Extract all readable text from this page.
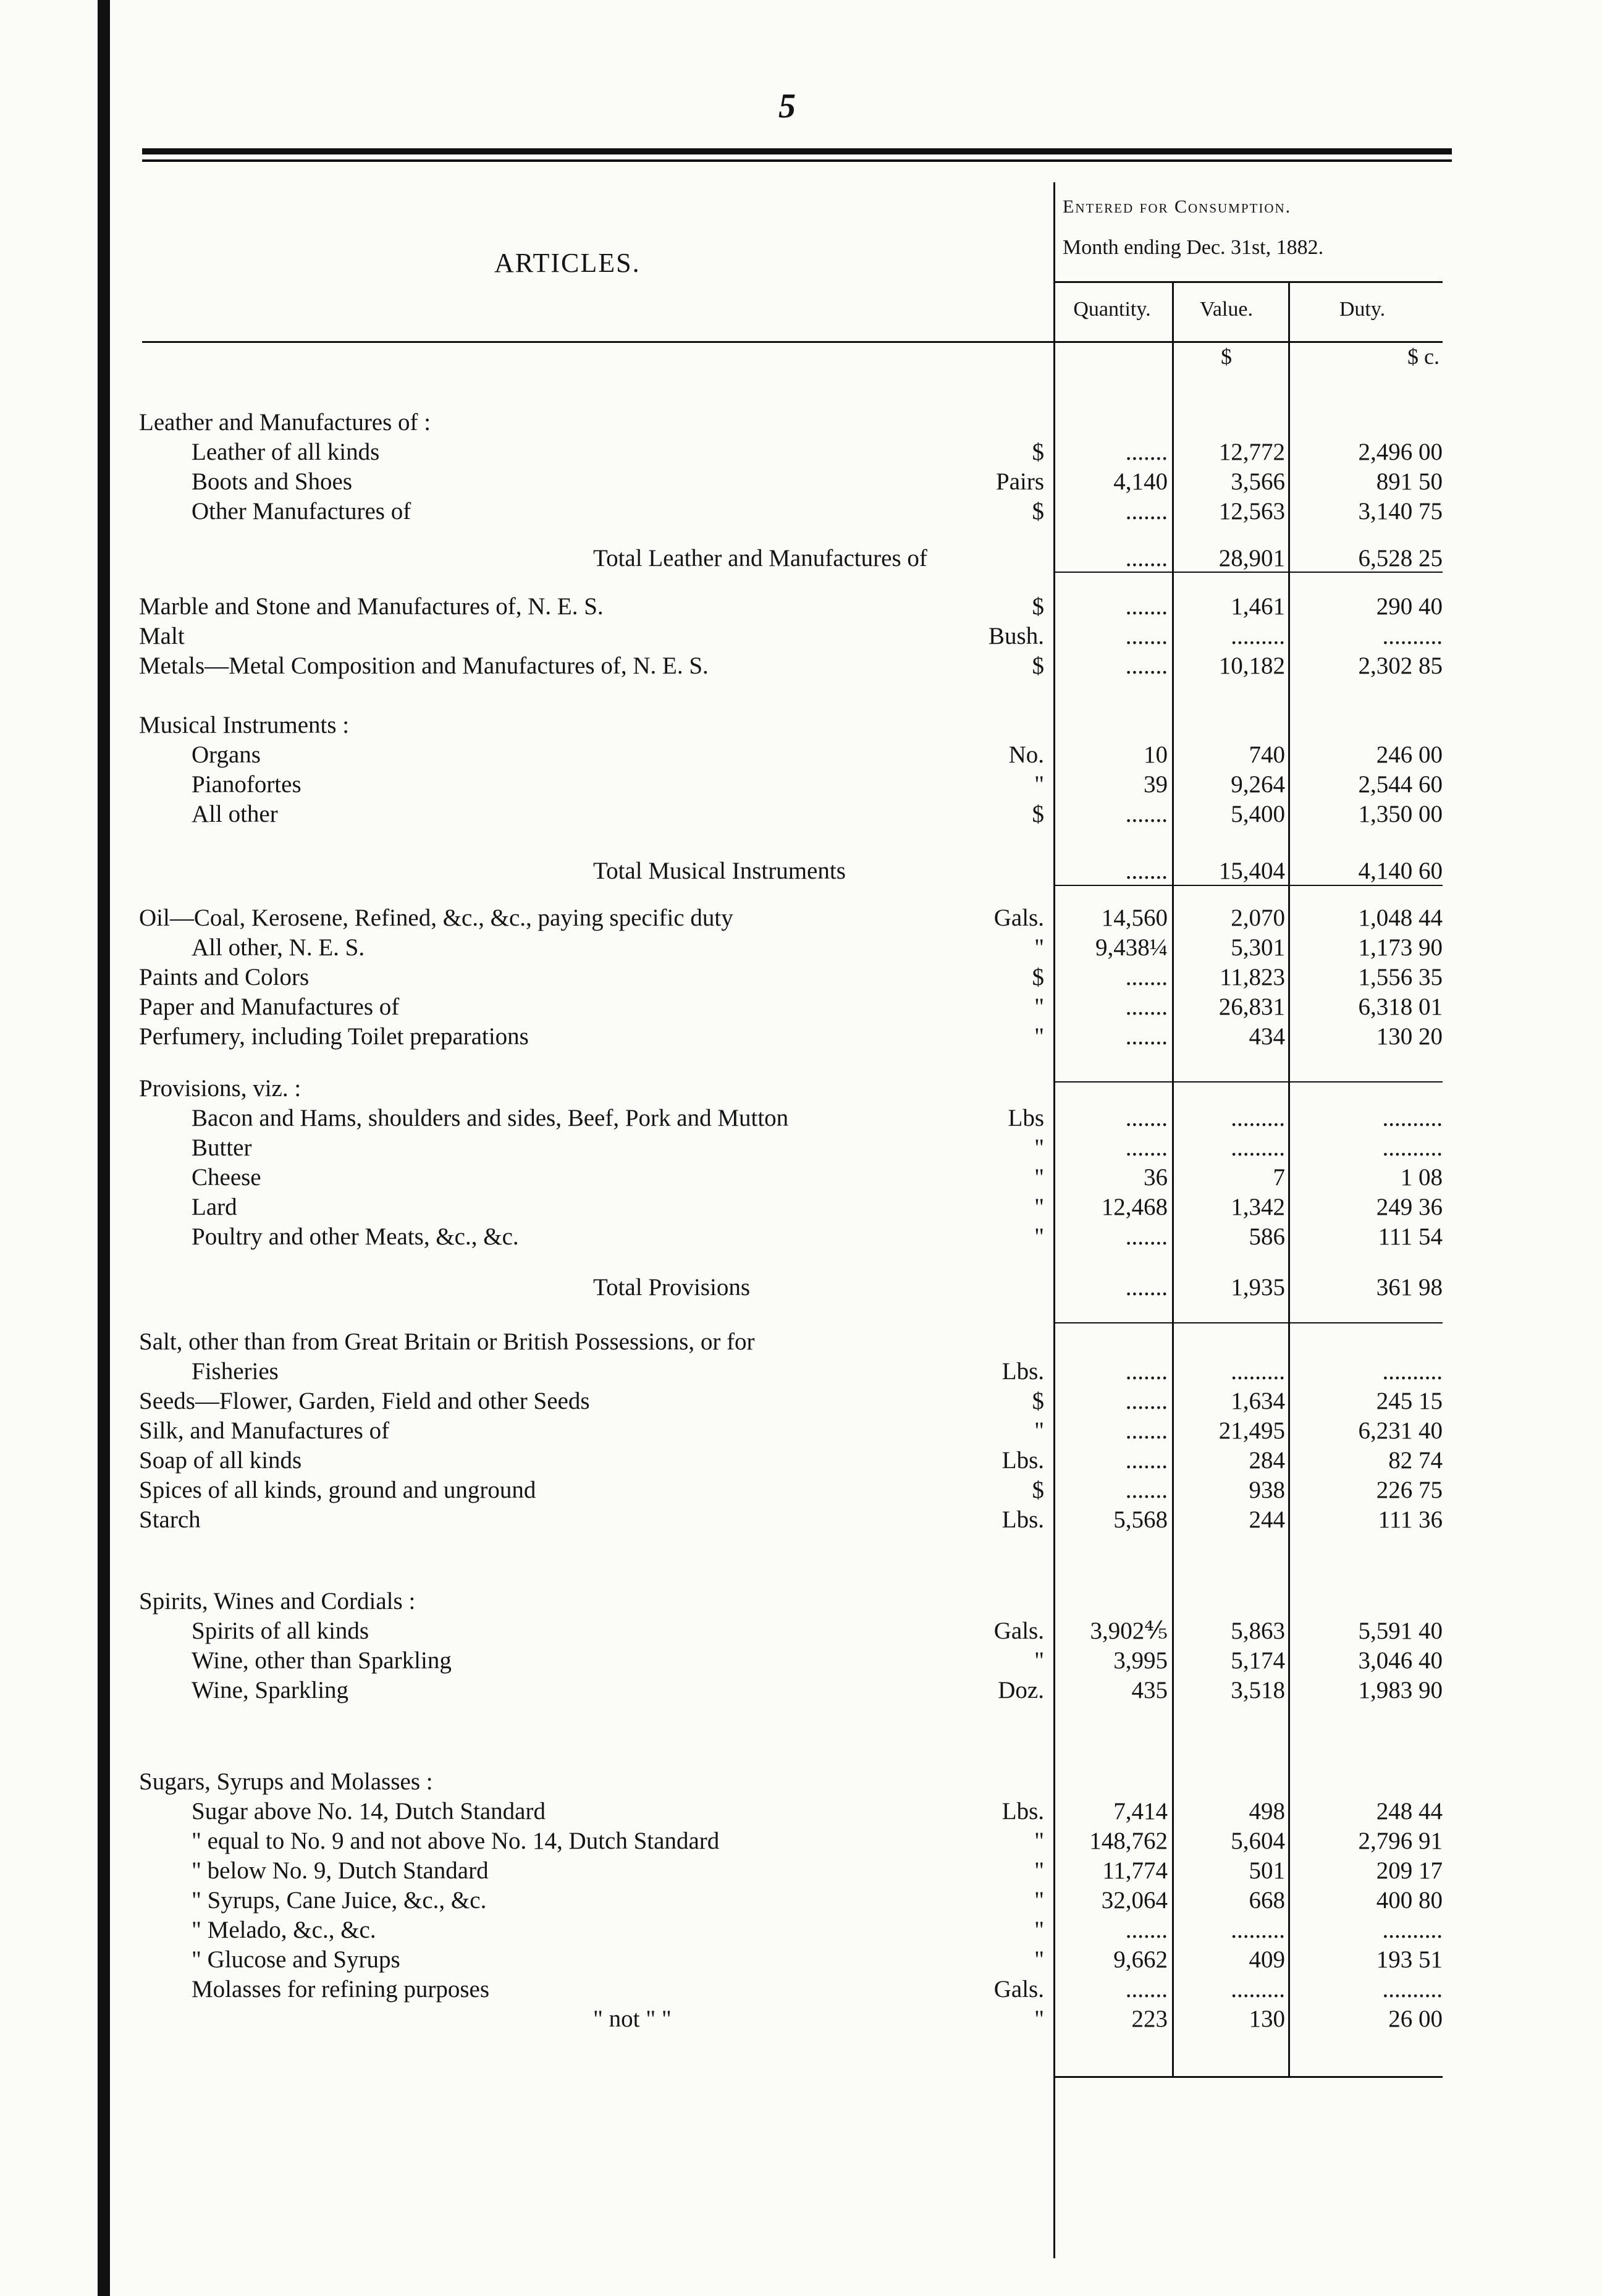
5
ARTICLES.
Entered for Consumption.
Month ending Dec. 31st, 1882.
Quantity.	Value.	Duty.
$	$ c.
Leather and Manufactures of :
Leather of all kinds	$	.......	12,772	2,496 00
Boots and Shoes	Pairs	4,140	3,566	891 50
Other Manufactures of	$	.......	12,563	3,140 75
Total Leather and Manufactures of	.......	28,901	6,528 25
Marble and Stone and Manufactures of, N. E. S.	$	.......	1,461	290 40
Malt	Bush.	.......	.........	..........
Metals—Metal Composition and Manufactures of, N. E. S.	$	.......	10,182	2,302 85
Musical Instruments :
Organs	No.	10	740	246 00
Pianofortes	"	39	9,264	2,544 60
All other	$	.......	5,400	1,350 00
Total Musical Instruments	.......	15,404	4,140 60
Oil—Coal, Kerosene, Refined, &c., &c., paying specific duty	Gals.	14,560	2,070	1,048 44
All other, N. E. S.	"	9,438¼	5,301	1,173 90
Paints and Colors	$	.......	11,823	1,556 35
Paper and Manufactures of	"	.......	26,831	6,318 01
Perfumery, including Toilet preparations	"	.......	434	130 20
Provisions, viz. :
Bacon and Hams, shoulders and sides, Beef, Pork and Mutton	Lbs	.......	.........	..........
Butter	"	.......	.........	..........
Cheese	"	36	7	1 08
Lard	"	12,468	1,342	249 36
Poultry and other Meats, &c., &c.	"	.......	586	111 54
Total Provisions	.......	1,935	361 98
Salt, other than from Great Britain or British Possessions, or for
Fisheries	Lbs.	.......	.........	..........
Seeds—Flower, Garden, Field and other Seeds	$	.......	1,634	245 15
Silk, and Manufactures of	"	.......	21,495	6,231 40
Soap of all kinds	Lbs.	.......	284	82 74
Spices of all kinds, ground and unground	$	.......	938	226 75
Starch	Lbs.	5,568	244	111 36
Spirits, Wines and Cordials :
Spirits of all kinds	Gals.	3,902⅘	5,863	5,591 40
Wine, other than Sparkling	"	3,995	5,174	3,046 40
Wine, Sparkling	Doz.	435	3,518	1,983 90
Sugars, Syrups and Molasses :
Sugar above No. 14, Dutch Standard	Lbs.	7,414	498	248 44
" equal to No. 9 and not above No. 14, Dutch Standard	"	148,762	5,604	2,796 91
" below No. 9, Dutch Standard	"	11,774	501	209 17
" Syrups, Cane Juice, &c., &c.	"	32,064	668	400 80
" Melado, &c., &c.	"	.......	.........	..........
" Glucose and Syrups	"	9,662	409	193 51
Molasses for refining purposes	Gals.	.......	.........	..........
" not " "	"	223	130	26 00
